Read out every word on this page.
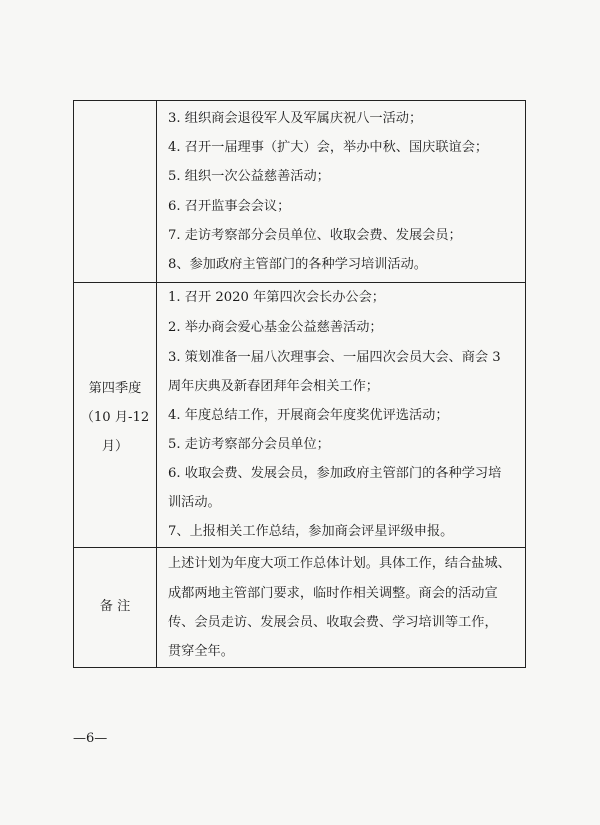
3. 组织商会退役军人及军属庆祝八一活动；
4. 召开一届理事（扩大）会，举办中秋、国庆联谊会；
5. 组织一次公益慈善活动；
6. 召开监事会会议；
7. 走访考察部分会员单位、收取会费、发展会员；
8、参加政府主管部门的各种学习培训活动。
第四季度
（10 月-12
月）
1. 召开 2020 年第四次会长办公会；
2. 举办商会爱心基金公益慈善活动；
3. 策划准备一届八次理事会、一届四次会员大会、商会 3
周年庆典及新春团拜年会相关工作；
4. 年度总结工作，开展商会年度奖优评选活动；
5. 走访考察部分会员单位；
6. 收取会费、发展会员，参加政府主管部门的各种学习培
训活动。
7、上报相关工作总结，参加商会评星评级申报。
备 注
上述计划为年度大项工作总体计划。具体工作，结合盐城、
成都两地主管部门要求，临时作相关调整。商会的活动宣
传、会员走访、发展会员、收取会费、学习培训等工作，
贯穿全年。
—6—
